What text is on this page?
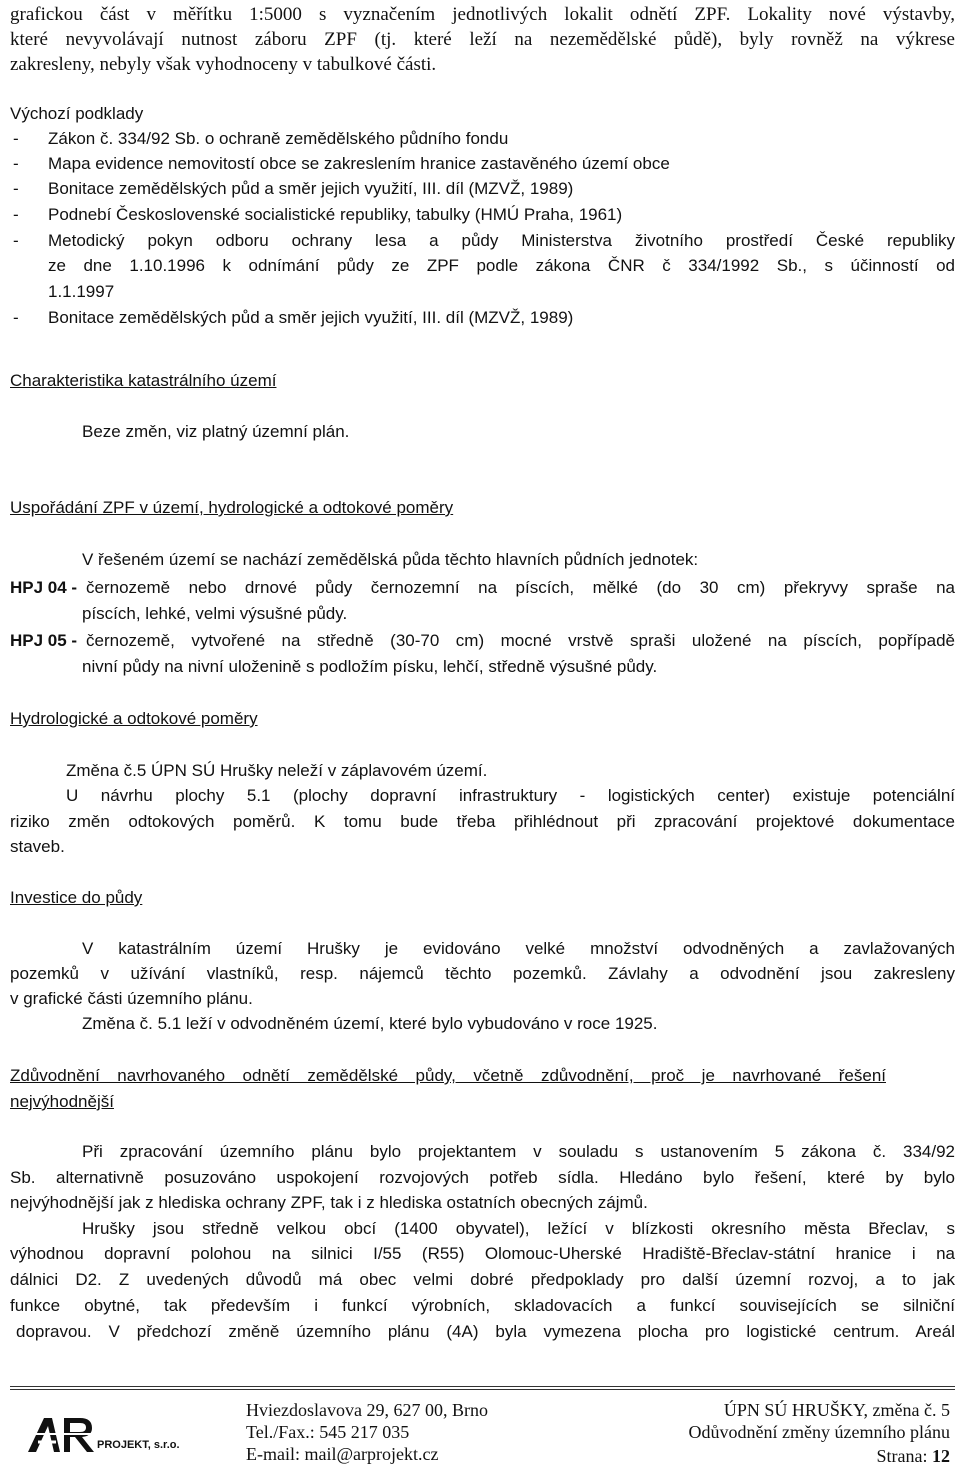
grafickou část v měřítku 1:5000 s vyznačením jednotlivých lokalit odnětí ZPF. Lokality nové výstavby,
které nevyvolávají nutnost záboru ZPF (tj. které leží na nezemědělské půdě), byly rovněž na výkrese
zakresleny, nebyly však vyhodnoceny v tabulkové části.
Výchozí podklady
- Zákon č. 334/92 Sb. o ochraně zemědělského půdního fondu
- Mapa evidence nemovitostí obce se zakreslením hranice zastavěného území obce
- Bonitace zemědělských půd a směr jejich využití, III. díl (MZVŽ, 1989)
- Podnebí Československé socialistické republiky, tabulky (HMÚ Praha, 1961)
- Metodický pokyn odboru ochrany lesa a půdy Ministerstva životního prostředí České republiky
ze dne 1.10.1996 k odnímání půdy ze ZPF podle zákona ČNR č 334/1992 Sb., s účinností od
1.1.1997
- Bonitace zemědělských půd a směr jejich využití, III. díl (MZVŽ, 1989)
Charakteristika katastrálního území
Beze změn, viz platný územní plán.
Uspořádání ZPF v území, hydrologické a odtokové poměry
V řešeném území se nachází zemědělská půda těchto hlavních půdních jednotek:
HPJ 04 - černozemě nebo drnové půdy černozemní na píscích, mělké (do 30 cm) překryvy spraše na
píscích, lehké, velmi výsušné půdy.
HPJ 05 - černozemě, vytvořené na středně (30-70 cm) mocné vrstvě spraši uložené na píscích, popřípadě
nivní půdy na nivní uloženině s podložím písku, lehčí, středně výsušné půdy.
Hydrologické a odtokové poměry
Změna č.5 ÚPN SÚ Hrušky neleží v záplavovém území.
U návrhu plochy 5.1 (plochy dopravní infrastruktury - logistických center) existuje potenciální
riziko změn odtokových poměrů. K tomu bude třeba přihlédnout při zpracování projektové dokumentace
staveb.
Investice do půdy
V katastrálním území Hrušky je evidováno velké množství odvodněných a zavlažovaných
pozemků v užívání vlastníků, resp. nájemců těchto pozemků. Závlahy a odvodnění jsou zakresleny
v grafické části územního plánu.
Změna č. 5.1 leží v odvodněném území, které bylo vybudováno v roce 1925.
Zdůvodnění navrhovaného odnětí zemědělské půdy, včetně zdůvodnění, proč je navrhované řešení
nejvýhodnější
Při zpracování územního plánu bylo projektantem v souladu s ustanovením 5 zákona č. 334/92
Sb. alternativně posuzováno uspokojení rozvojových potřeb sídla. Hledáno bylo řešení, které by bylo
nejvýhodnější jak z hlediska ochrany ZPF, tak i z hlediska ostatních obecných zájmů.
Hrušky jsou středně velkou obcí (1400 obyvatel), ležící v blízkosti okresního města Břeclav, s
výhodnou dopravní polohou na silnici I/55 (R55) Olomouc-Uherské Hradiště-Břeclav-státní hranice i na
dálnici D2. Z uvedených důvodů má obec velmi dobré předpoklady pro další územní rozvoj, a to jak
funkce obytné, tak především i funkcí výrobních, skladovacích a funkcí souvisejících se silniční
dopravou. V předchozí změně územního plánu (4A) byla vymezena plocha pro logistické centrum. Areál
PROJEKT, s.r.o.
Hviezdoslavova 29, 627 00, Brno
Tel./Fax.: 545 217 035
E-mail: mail@arprojekt.cz
ÚPN SÚ HRUŠKY, změna č. 5
Odůvodnění změny územního plánu
Strana: 12
